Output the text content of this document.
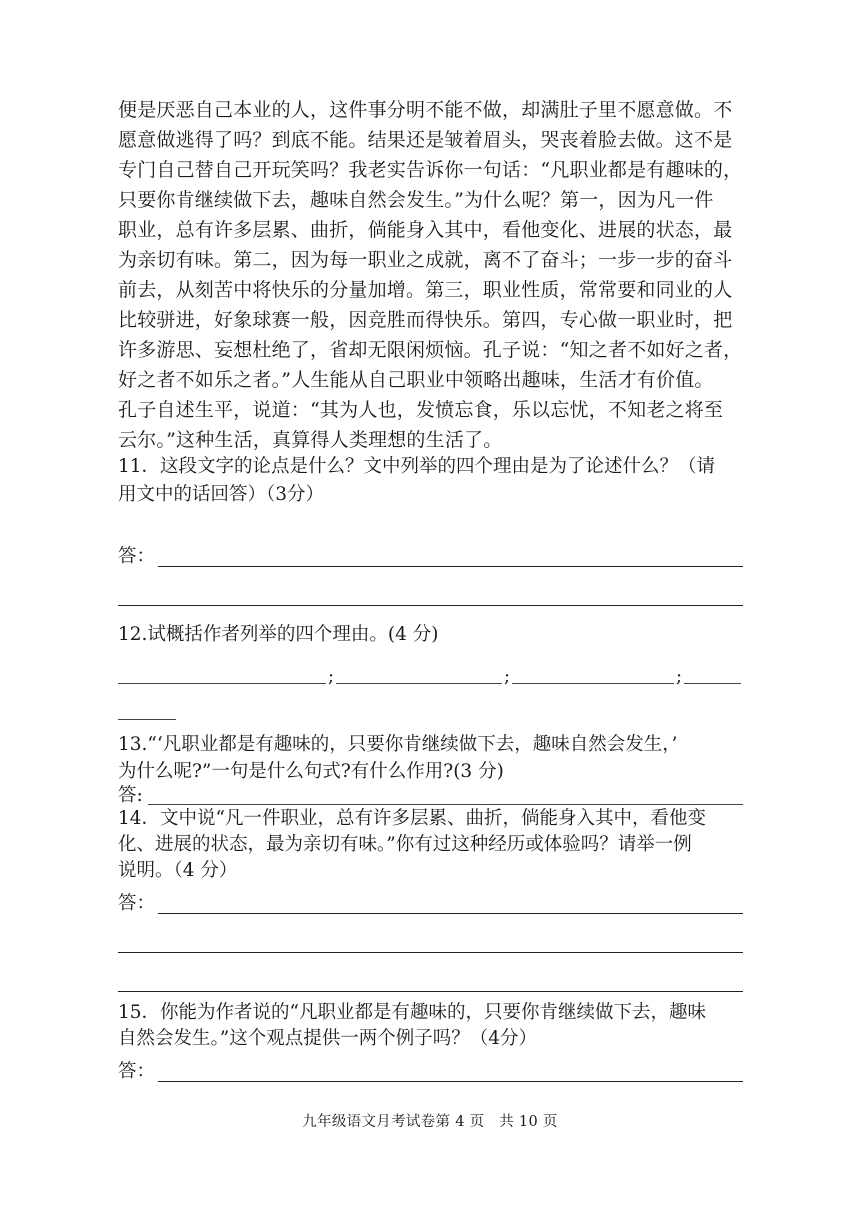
便是厌恶自己本业的人，这件事分明不能不做，却满肚子里不愿意做。不
愿意做逃得了吗？到底不能。结果还是皱着眉头，哭丧着脸去做。这不是
专门自己替自己开玩笑吗？我老实告诉你一句话：“凡职业都是有趣味的，
只要你肯继续做下去，趣味自然会发生。”为什么呢？第一，因为凡一件
职业，总有许多层累、曲折，倘能身入其中，看他变化、进展的状态，最
为亲切有味。第二，因为每一职业之成就，离不了奋斗；一步一步的奋斗
前去，从刻苦中将快乐的分量加增。第三，职业性质，常常要和同业的人
比较骈进，好象球赛一般，因竞胜而得快乐。第四，专心做一职业时，把
许多游思、妄想杜绝了，省却无限闲烦恼。孔子说：“知之者不如好之者，
好之者不如乐之者。”人生能从自己职业中领略出趣味，生活才有价值。
孔子自述生平，说道：“其为人也，发愤忘食，乐以忘忧，不知老之将至
云尔。”这种生活，真算得人类理想的生活了。
11．这段文字的论点是什么？文中列举的四个理由是为了论述什么？（请
用文中的话回答）（3分）
答：
12.试概括作者列举的四个理由。(4 分)
;	;	;
13.“‘凡职业都是有趣味的，只要你肯继续做下去，趣味自然会发生，’
为什么呢?”一句是什么句式?有什么作用?(3 分)
答:
14．文中说“凡一件职业，总有许多层累、曲折，倘能身入其中，看他变
化、进展的状态，最为亲切有味。”你有过这种经历或体验吗？请举一例
说明。（4 分）
答：
15．你能为作者说的“凡职业都是有趣味的，只要你肯继续做下去，趣味
自然会发生。”这个观点提供一两个例子吗？（4分）
答：
九年级语文月考试卷第 4 页　共 10 页
